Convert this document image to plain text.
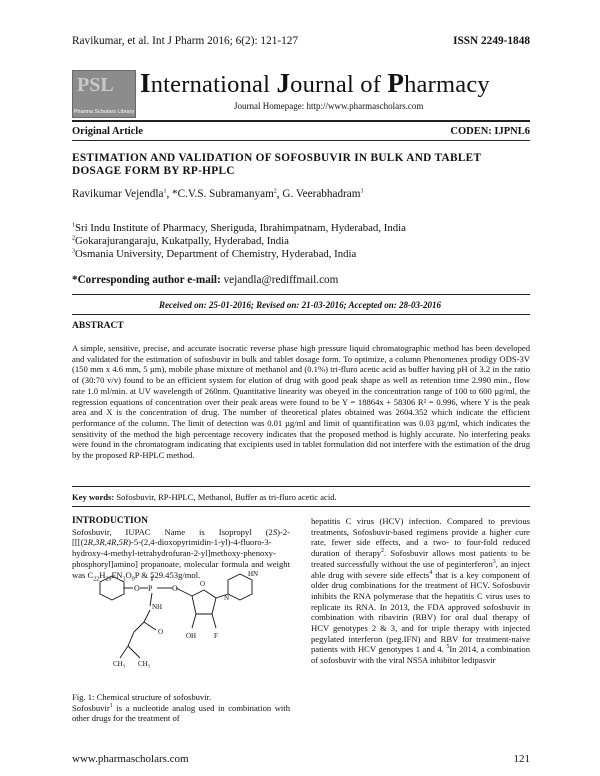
Ravikumar, et al. Int J Pharm 2016; 6(2): 121-127	ISSN 2249-1848
PSL
Pharma Scholars Library
International Journal of Pharmacy
Journal Homepage: http://www.pharmascholars.com
Original Article	CODEN: IJPNL6
ESTIMATION AND VALIDATION OF SOFOSBUVIR IN BULK AND TABLET DOSAGE FORM BY RP-HPLC
Ravikumar Vejendla$^1$, *C.V.S. Subramanyam$^2$, G. Veerabhadram$^3$
$^1$Sri Indu Institute of Pharmacy, Sheriguda, Ibrahimpatnam, Hyderabad, India
$^2$Gokarajurangaraju, Kukatpally, Hyderabad, India
$^3$Osmania University, Department of Chemistry, Hyderabad, India
*Corresponding author e-mail: vejandla@rediffmail.com
Received on: 25-01-2016; Revised on: 21-03-2016; Accepted on: 28-03-2016
ABSTRACT
A simple, sensitive, precise, and accurate isocratic reverse phase high pressure liquid chromatographic method has been developed and validated for the estimation of sofosbuvir in bulk and tablet dosage form. To optimize, a column Phenomenex prodigy ODS-3V (150 mm x 4.6 mm, 5 µm), mobile phase mixture of methanol and (0.1%) tri-fluro acetic acid as buffer having pH of 3.2 in the ratio of (30:70 v/v) found to be an efficient system for elution of drug with good peak shape as well as retention time 2.990 min., flow rate 1.0 ml/min. at UV wavelength of 260nm. Quantitative linearity was obeyed in the concentration range of 100 to 600 µg/ml, the regression equations of concentration over their peak areas were found to be Y = 18864x + 58306 R² = 0.996, where Y is the peak area and X is the concentration of drug. The number of theoretical plates obtained was 2604.352 which indicate the efficient performance of the column. The limit of detection was 0.01 µg/ml and limit of quantification was 0.03 µg/ml, which indicates the sensitivity of the method the high percentage recovery indicates that the proposed method is highly accurate. No interfering peaks were found in the chromatogram indicating that excipients used in tablet formulation did not interfere with the estimation of the drug by the proposed RP-HPLC method.
Key words: Sofosbuvir, RP-HPLC, Methanol, Buffer as tri-fluro acetic acid.
INTRODUCTION
Sofosbuvir, IUPAC Name is Isopropyl (2S)-2-[[[(2R,3R,4R,5R)-5-(2,4-dioxopyrimidin-1-yl)-4-fluoro-3-hydroxy-4-methyl-tetrahydrofuran-2-yl]methoxy-phenoxy-phosphoryl]amino] propanoate, molecular formula and weight was $C_{22}H_{29}FN_3O_9P$ & 529.453g/mol.
O P O
NH
O
CH₃ CH₃
O
N
HN
OH	F
Fig. 1: Chemical structure of sofosbuvir.
Sofosbuvir$^1$ is a nucleotide analog used in combination with other drugs for the treatment of
hepatitis C virus (HCV) infection. Compared to previous treatments, Sofosbuvir-based regimens provide a higher cure rate, fewer side effects, and a two- to four-fold reduced duration of therapy$^2$. Sofosbuvir allows most patients to be treated successfully without the use of peginterferon$^3$, an inject able drug with severe side effects$^4$ that is a key component of older drug combinations for the treatment of HCV. Sofosbuvir inhibits the RNA polymerase that the hepatitis C virus uses to replicate its RNA. In 2013, the FDA approved sofosbuvir in combination with ribavirin (RBV) for oral dual therapy of HCV genotypes 2 & 3, and for triple therapy with injected pegylated interferon (peg.IFN) and RBV for treatment-naive patients with HCV genotypes 1 and 4. $^5$In 2014, a combination of sofosbuvir with the viral NS5A inhibitor ledipasvir
www.pharmascholars.com	121
